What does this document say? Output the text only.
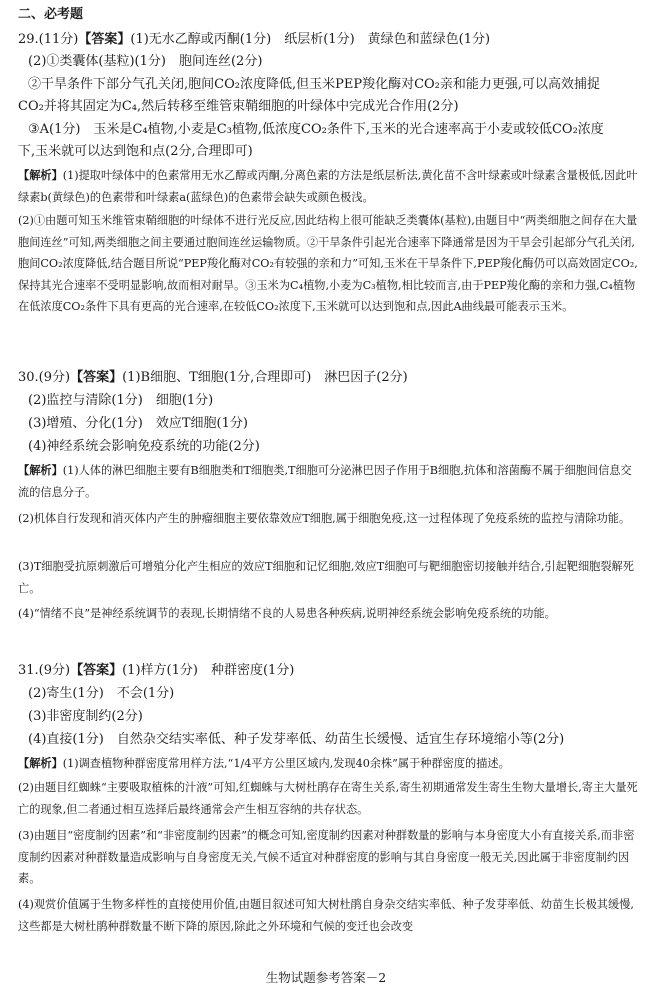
二、必考题
29.(11分)【答案】(1)无水乙醇或丙酮(1分)　纸层析(1分)　黄绿色和蓝绿色(1分)
(2)①类囊体(基粒)(1分)　胞间连丝(2分)
②干旱条件下部分气孔关闭,胞间CO₂浓度降低,但玉米PEP羧化酶对CO₂亲和能力更强,可以高效捕捉
CO₂并将其固定为C₄,然后转移至维管束鞘细胞的叶绿体中完成光合作用(2分)
③A(1分)　玉米是C₄植物,小麦是C₃植物,低浓度CO₂条件下,玉米的光合速率高于小麦或较低CO₂浓度
下,玉米就可以达到饱和点(2分,合理即可)
【解析】(1)提取叶绿体中的色素常用无水乙醇或丙酮,分离色素的方法是纸层析法,黄化苗不含叶绿素或叶绿素含量极低,因此叶绿素b(黄绿色)的色素带和叶绿素a(蓝绿色)的色素带会缺失或颜色极浅。
(2)①由题可知玉米维管束鞘细胞的叶绿体不进行光反应,因此结构上很可能缺乏类囊体(基粒),由题目中“两类细胞之间存在大量胞间连丝”可知,两类细胞之间主要通过胞间连丝运输物质。②干旱条件引起光合速率下降通常是因为干旱会引起部分气孔关闭,胞间CO₂浓度降低,结合题目所说“PEP羧化酶对CO₂有较强的亲和力”可知,玉米在干旱条件下,PEP羧化酶仍可以高效固定CO₂,保持其光合速率不受明显影响,故而相对耐旱。③玉米为C₄植物,小麦为C₃植物,相比较而言,由于PEP羧化酶的亲和力强,C₄植物在低浓度CO₂条件下具有更高的光合速率,在较低CO₂浓度下,玉米就可以达到饱和点,因此A曲线最可能表示玉米。
30.(9分)【答案】(1)B细胞、T细胞(1分,合理即可)　淋巴因子(2分)
(2)监控与清除(1分)　细胞(1分)
(3)增殖、分化(1分)　效应T细胞(1分)
(4)神经系统会影响免疫系统的功能(2分)
【解析】(1)人体的淋巴细胞主要有B细胞类和T细胞类,T细胞可分泌淋巴因子作用于B细胞,抗体和溶菌酶不属于细胞间信息交流的信息分子。
(2)机体自行发现和消灭体内产生的肿瘤细胞主要依靠效应T细胞,属于细胞免疫,这一过程体现了免疫系统的监控与清除功能。
(3)T细胞受抗原刺激后可增殖分化产生相应的效应T细胞和记忆细胞,效应T细胞可与靶细胞密切接触并结合,引起靶细胞裂解死亡。
(4)“情绪不良”是神经系统调节的表现,长期情绪不良的人易患各种疾病,说明神经系统会影响免疫系统的功能。
31.(9分)【答案】(1)样方(1分)　种群密度(1分)
(2)寄生(1分)　不会(1分)
(3)非密度制约(2分)
(4)直接(1分)　自然杂交结实率低、种子发芽率低、幼苗生长缓慢、适宜生存环境缩小等(2分)
【解析】(1)调查植物种群密度常用样方法,“1/4平方公里区域内,发现40余株”属于种群密度的描述。
(2)由题目红蜘蛛“主要吸取植株的汁液”可知,红蜘蛛与大树杜鹃存在寄生关系,寄生初期通常发生寄生生物大量增长,寄主大量死亡的现象,但二者通过相互选择后最终通常会产生相互容纳的共存状态。
(3)由题目“密度制约因素”和“非密度制约因素”的概念可知,密度制约因素对种群数量的影响与本身密度大小有直接关系,而非密度制约因素对种群数量造成影响与自身密度无关,气候不适宜对种群密度的影响与其自身密度一般无关,因此属于非密度制约因素。
(4)观赏价值属于生物多样性的直接使用价值,由题目叙述可知大树杜鹃自身杂交结实率低、种子发芽率低、幼苗生长极其缓慢,这些都是大树杜鹃种群数量不断下降的原因,除此之外环境和气候的变迁也会改变
生物试题参考答案－2
